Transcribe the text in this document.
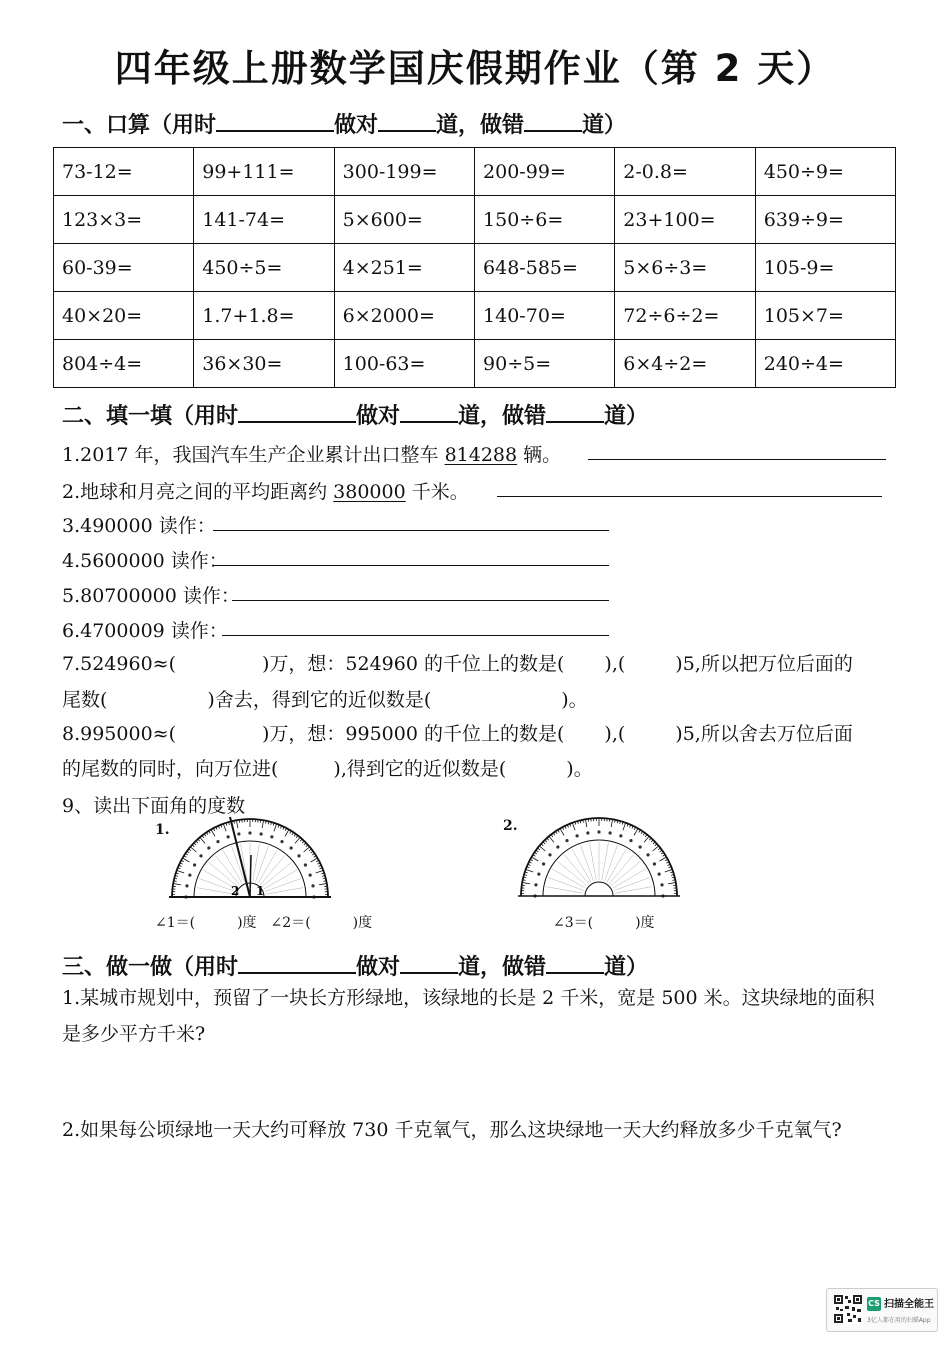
四年级上册数学国庆假期作业（第 2 天）
一、口算（用时	做对	道，做错	道）
73-12=	99+111=	300-199=	200-99=	2-0.8=	450÷9=
123×3=	141-74=	5×600=	150÷6=	23+100=	639÷9=
60-39=	450÷5=	4×251=	648-585=	5×6÷3=	105-9=
40×20=	1.7+1.8=	6×2000=	140-70=	72÷6÷2=	105×7=
804÷4=	36×30=	100-63=	90÷5=	6×4÷2=	240÷4=
二、填一填（用时	做对	道，做错	道）
1.2017 年，我国汽车生产企业累计出口整车 814288 辆。
2.地球和月亮之间的平均距离约 380000 千米。
3.490000 读作：
4.5600000 读作：
5.80700000 读作：
6.4700009 读作：
7.524960≈(	)万，想：524960 的千位上的数是( ),(	)5,所以把万位后面的
尾数(	)舍去，得到它的近似数是(	)。
8.995000≈(	)万，想：995000 的千位上的数是( ),(	)5,所以舍去万位后面
的尾数的同时，向万位进(	),得到它的近似数是(	)。
9、读出下面角的度数
1.
2 1
∠1＝(　　　)度　∠2＝(　　　)度
2.
∠3＝(　　　)度
三、做一做（用时	做对	道，做错	道）
1.某城市规划中，预留了一块长方形绿地，该绿地的长是 2 千米，宽是 500 米。这块绿地的面积是多少平方千米?
2.如果每公顷绿地一天大约可释放 730 千克氧气，那么这块绿地一天大约释放多少千克氧气?
CS 扫描全能王
3亿人都在用的扫描App
